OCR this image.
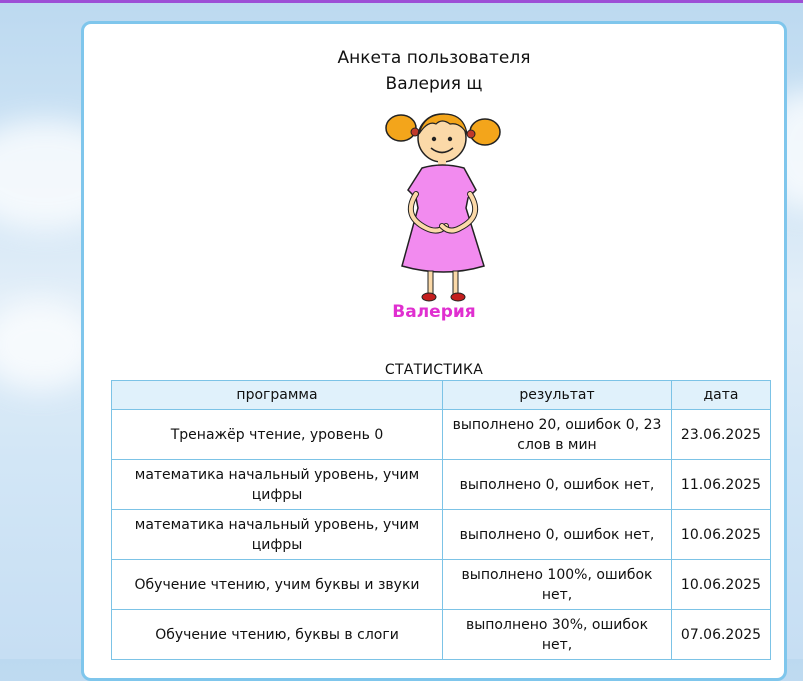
Анкета пользователя
Валерия щ
Валерия
СТАТИСТИКА
программа	результат	дата
Тренажёр чтение, уровень 0	выполнено 20, ошибок 0, 23 слов в мин	23.06.2025
математика начальный уровень, учим цифры	выполнено 0, ошибок нет,	11.06.2025
математика начальный уровень, учим цифры	выполнено 0, ошибок нет,	10.06.2025
Обучение чтению, учим буквы и звуки	выполнено 100%, ошибок нет,	10.06.2025
Обучение чтению, буквы в слоги	выполнено 30%, ошибок нет,	07.06.2025
